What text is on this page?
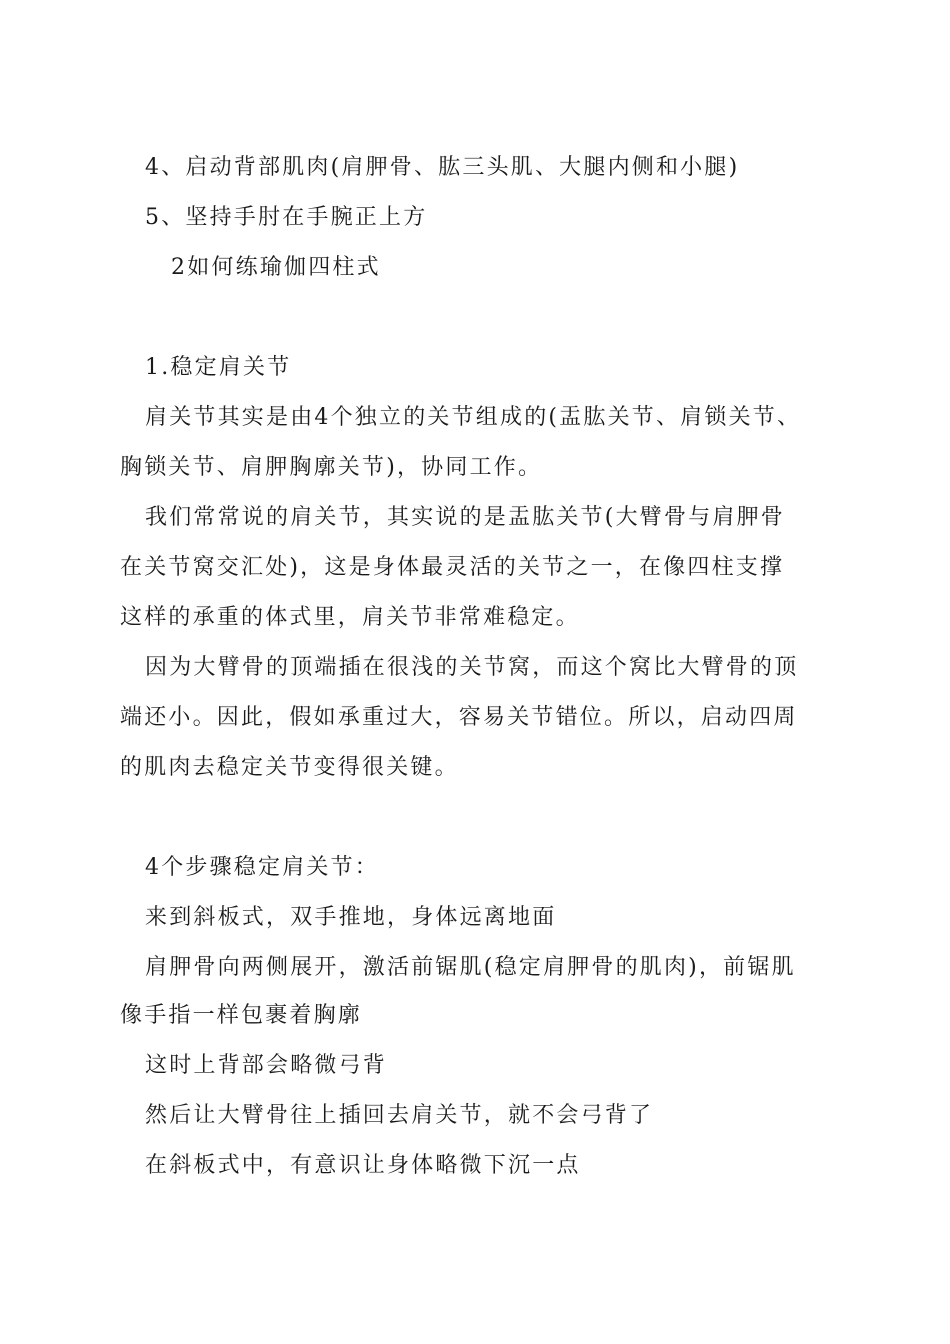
4、启动背部肌肉(肩胛骨、肱三头肌、大腿内侧和小腿)
5、坚持手肘在手腕正上方
2如何练瑜伽四柱式
1.稳定肩关节
肩关节其实是由4个独立的关节组成的(盂肱关节、肩锁关节、
胸锁关节、肩胛胸廓关节)，协同工作。
我们常常说的肩关节，其实说的是盂肱关节(大臂骨与肩胛骨
在关节窝交汇处)，这是身体最灵活的关节之一，在像四柱支撑
这样的承重的体式里，肩关节非常难稳定。
因为大臂骨的顶端插在很浅的关节窝，而这个窝比大臂骨的顶
端还小。因此，假如承重过大，容易关节错位。所以，启动四周
的肌肉去稳定关节变得很关键。
4个步骤稳定肩关节：
来到斜板式，双手推地，身体远离地面
肩胛骨向两侧展开，激活前锯肌(稳定肩胛骨的肌肉)，前锯肌
像手指一样包裹着胸廓
这时上背部会略微弓背
然后让大臂骨往上插回去肩关节，就不会弓背了
在斜板式中，有意识让身体略微下沉一点
